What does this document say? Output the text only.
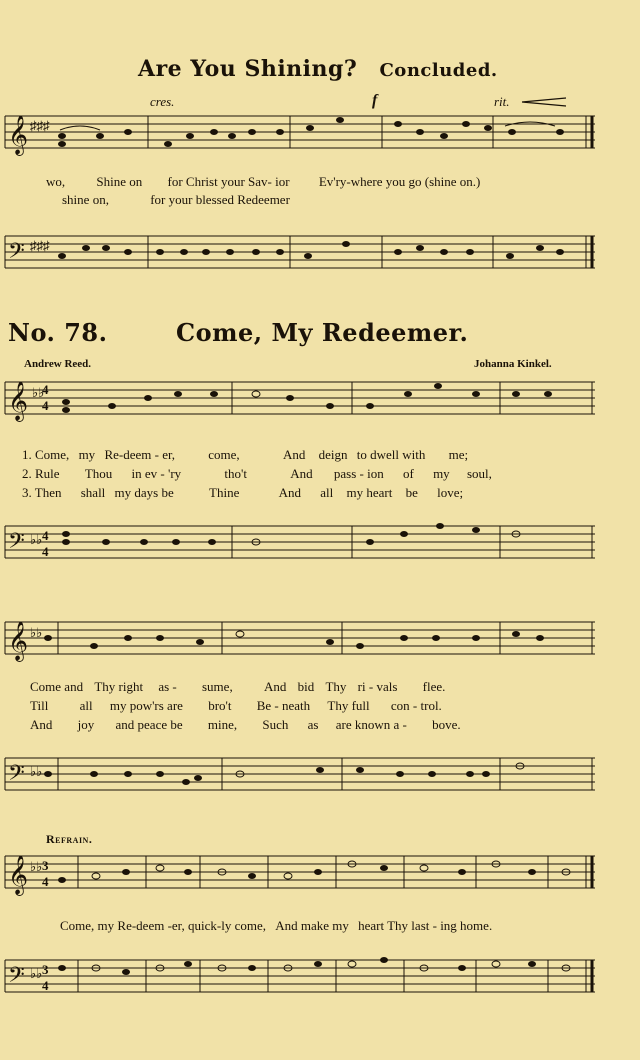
Are You Shining? Concluded.
cres.	f	rit.
𝄞 ♯♯♯
wo, Shine on for Christ your Sav- ior Ev'ry-where you go (shine on.)
shine on,	for your blessed Redeemer
𝄢 ♯♯♯
No. 78.	Come, My Redeemer.
Andrew Reed.	Johanna Kinkel.
𝄞 ♭♭
4
4
1. Come, my Re-deem - er,	come,	And deign to dwell with me;
2. Rule Thou in ev - 'ry	tho't	And pass - ion of my soul,
3. Then shall my days be	Thine	And all my heart be love;
𝄢 ♭♭ 4
4
𝄞 ♭♭
Come and Thy right as - sume, And bid Thy ri - vals flee.
Till all my pow'rs are bro't Be - neath Thy full con - trol.
And joy and peace be mine, Such as are known a - bove.
𝄢 ♭♭
Refrain.
𝄞 ♭♭ 3
4
Come, my Re-deem -er, quick-ly come, And make my heart Thy last - ing home.
𝄢 ♭♭ 3
4
